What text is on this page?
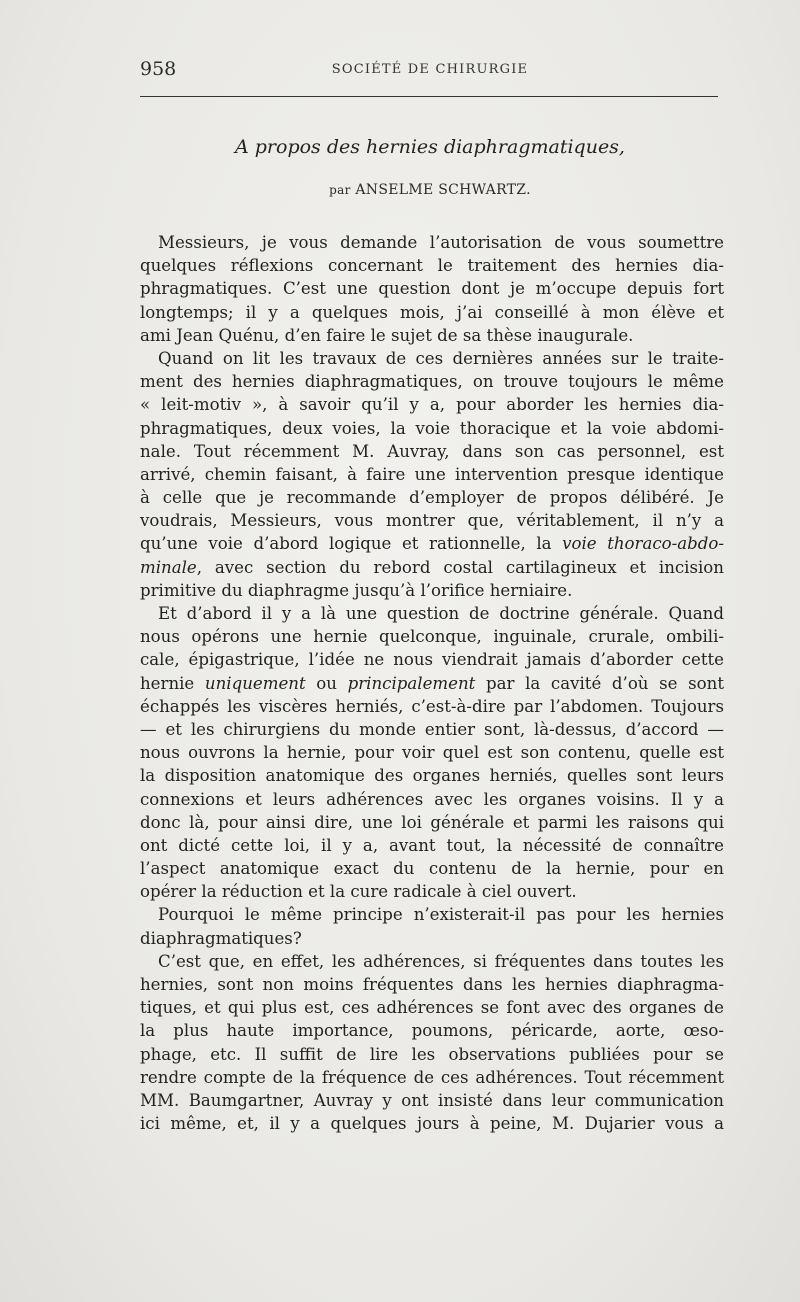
958	SOCIÉTÉ DE CHIRURGIE
A propos des hernies diaphragmatiques,
par ANSELME SCHWARTZ.
Messieurs, je vous demande l’autorisation de vous soumettre
quelques réflexions concernant le traitement des hernies dia-
phragmatiques. C’est une question dont je m’occupe depuis fort
longtemps; il y a quelques mois, j’ai conseillé à mon élève et
ami Jean Quénu, d’en faire le sujet de sa thèse inaugurale.
Quand on lit les travaux de ces dernières années sur le traite-
ment des hernies diaphragmatiques, on trouve toujours le même
« leit-motiv », à savoir qu’il y a, pour aborder les hernies dia-
phragmatiques, deux voies, la voie thoracique et la voie abdomi-
nale. Tout récemment M. Auvray, dans son cas personnel, est
arrivé, chemin faisant, à faire une intervention presque identique
à celle que je recommande d’employer de propos délibéré. Je
voudrais, Messieurs, vous montrer que, véritablement, il n’y a
qu’une voie d’abord logique et rationnelle, la voie thoraco-abdo-
minale, avec section du rebord costal cartilagineux et incision
primitive du diaphragme jusqu’à l’orifice herniaire.
Et d’abord il y a là une question de doctrine générale. Quand
nous opérons une hernie quelconque, inguinale, crurale, ombili-
cale, épigastrique, l’idée ne nous viendrait jamais d’aborder cette
hernie uniquement ou principalement par la cavité d’où se sont
échappés les viscères herniés, c’est-à-dire par l’abdomen. Toujours
— et les chirurgiens du monde entier sont, là-dessus, d’accord —
nous ouvrons la hernie, pour voir quel est son contenu, quelle est
la disposition anatomique des organes herniés, quelles sont leurs
connexions et leurs adhérences avec les organes voisins. Il y a
donc là, pour ainsi dire, une loi générale et parmi les raisons qui
ont dicté cette loi, il y a, avant tout, la nécessité de connaître
l’aspect anatomique exact du contenu de la hernie, pour en
opérer la réduction et la cure radicale à ciel ouvert.
Pourquoi le même principe n’existerait-il pas pour les hernies
diaphragmatiques?
C’est que, en effet, les adhérences, si fréquentes dans toutes les
hernies, sont non moins fréquentes dans les hernies diaphragma-
tiques, et qui plus est, ces adhérences se font avec des organes de
la plus haute importance, poumons, péricarde, aorte, œso-
phage, etc. Il suffit de lire les observations publiées pour se
rendre compte de la fréquence de ces adhérences. Tout récemment
MM. Baumgartner, Auvray y ont insisté dans leur communication
ici même, et, il y a quelques jours à peine, M. Dujarier vous a
